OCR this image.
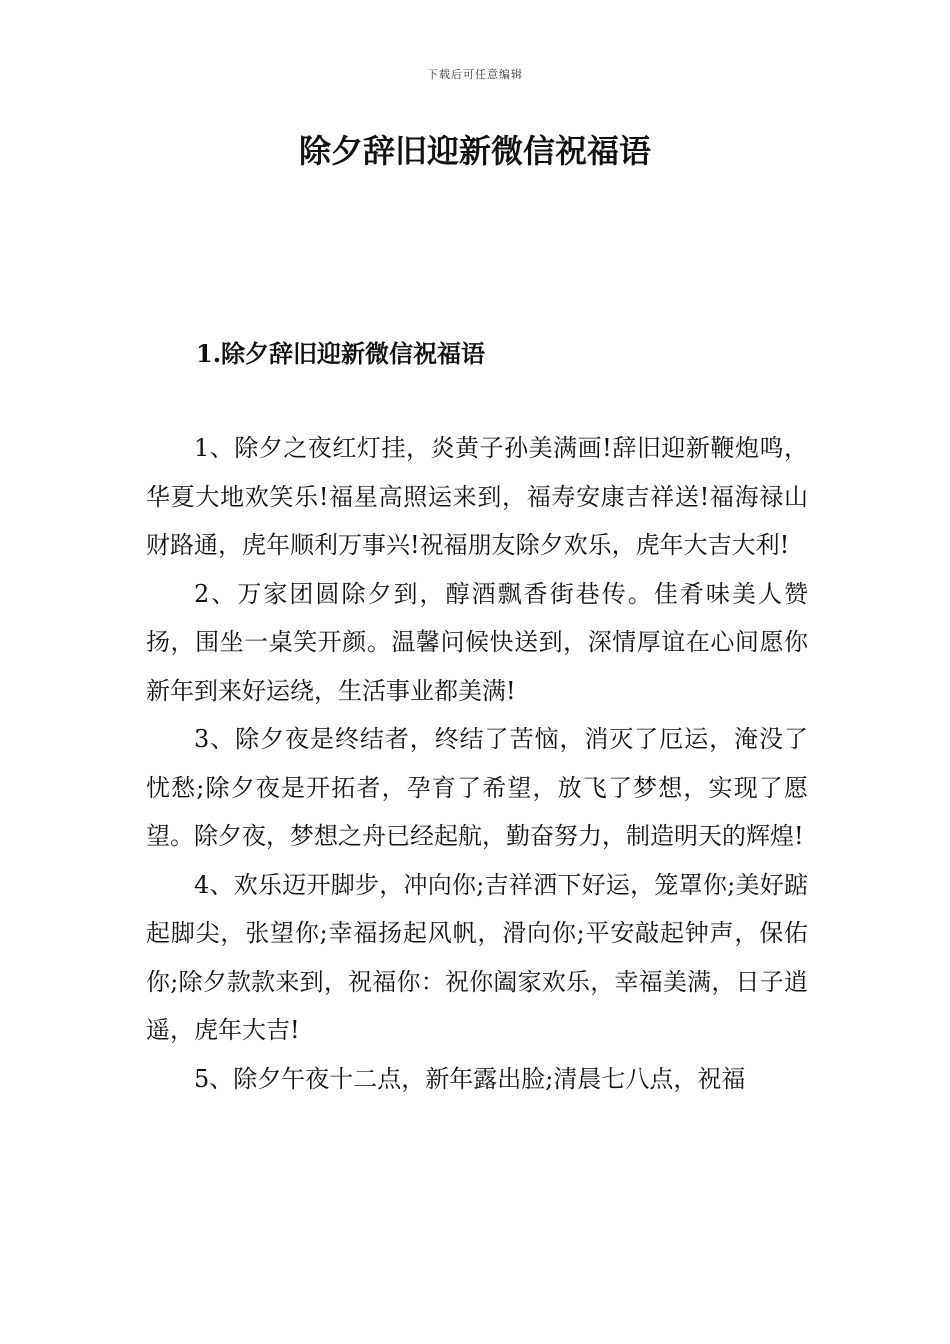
下载后可任意编辑
除夕辞旧迎新微信祝福语
1.除夕辞旧迎新微信祝福语

1、除夕之夜红灯挂，炎黄子孙美满画!辞旧迎新鞭炮鸣，华夏大地欢笑乐!福星高照运来到，福寿安康吉祥送!福海禄山财路通，虎年顺利万事兴!祝福朋友除夕欢乐，虎年大吉大利!

2、万家团圆除夕到，醇酒飘香街巷传。佳肴味美人赞扬，围坐一桌笑开颜。温馨问候快送到，深情厚谊在心间愿你新年到来好运绕，生活事业都美满!

3、除夕夜是终结者，终结了苦恼，消灭了厄运，淹没了忧愁;除夕夜是开拓者，孕育了希望，放飞了梦想，实现了愿望。除夕夜，梦想之舟已经起航，勤奋努力，制造明天的辉煌!

4、欢乐迈开脚步，冲向你;吉祥洒下好运，笼罩你;美好踮起脚尖，张望你;幸福扬起风帆，滑向你;平安敲起钟声，保佑你;除夕款款来到，祝福你：祝你阖家欢乐，幸福美满，日子逍遥，虎年大吉!

5、除夕午夜十二点，新年露出脸;清晨七八点，祝福
